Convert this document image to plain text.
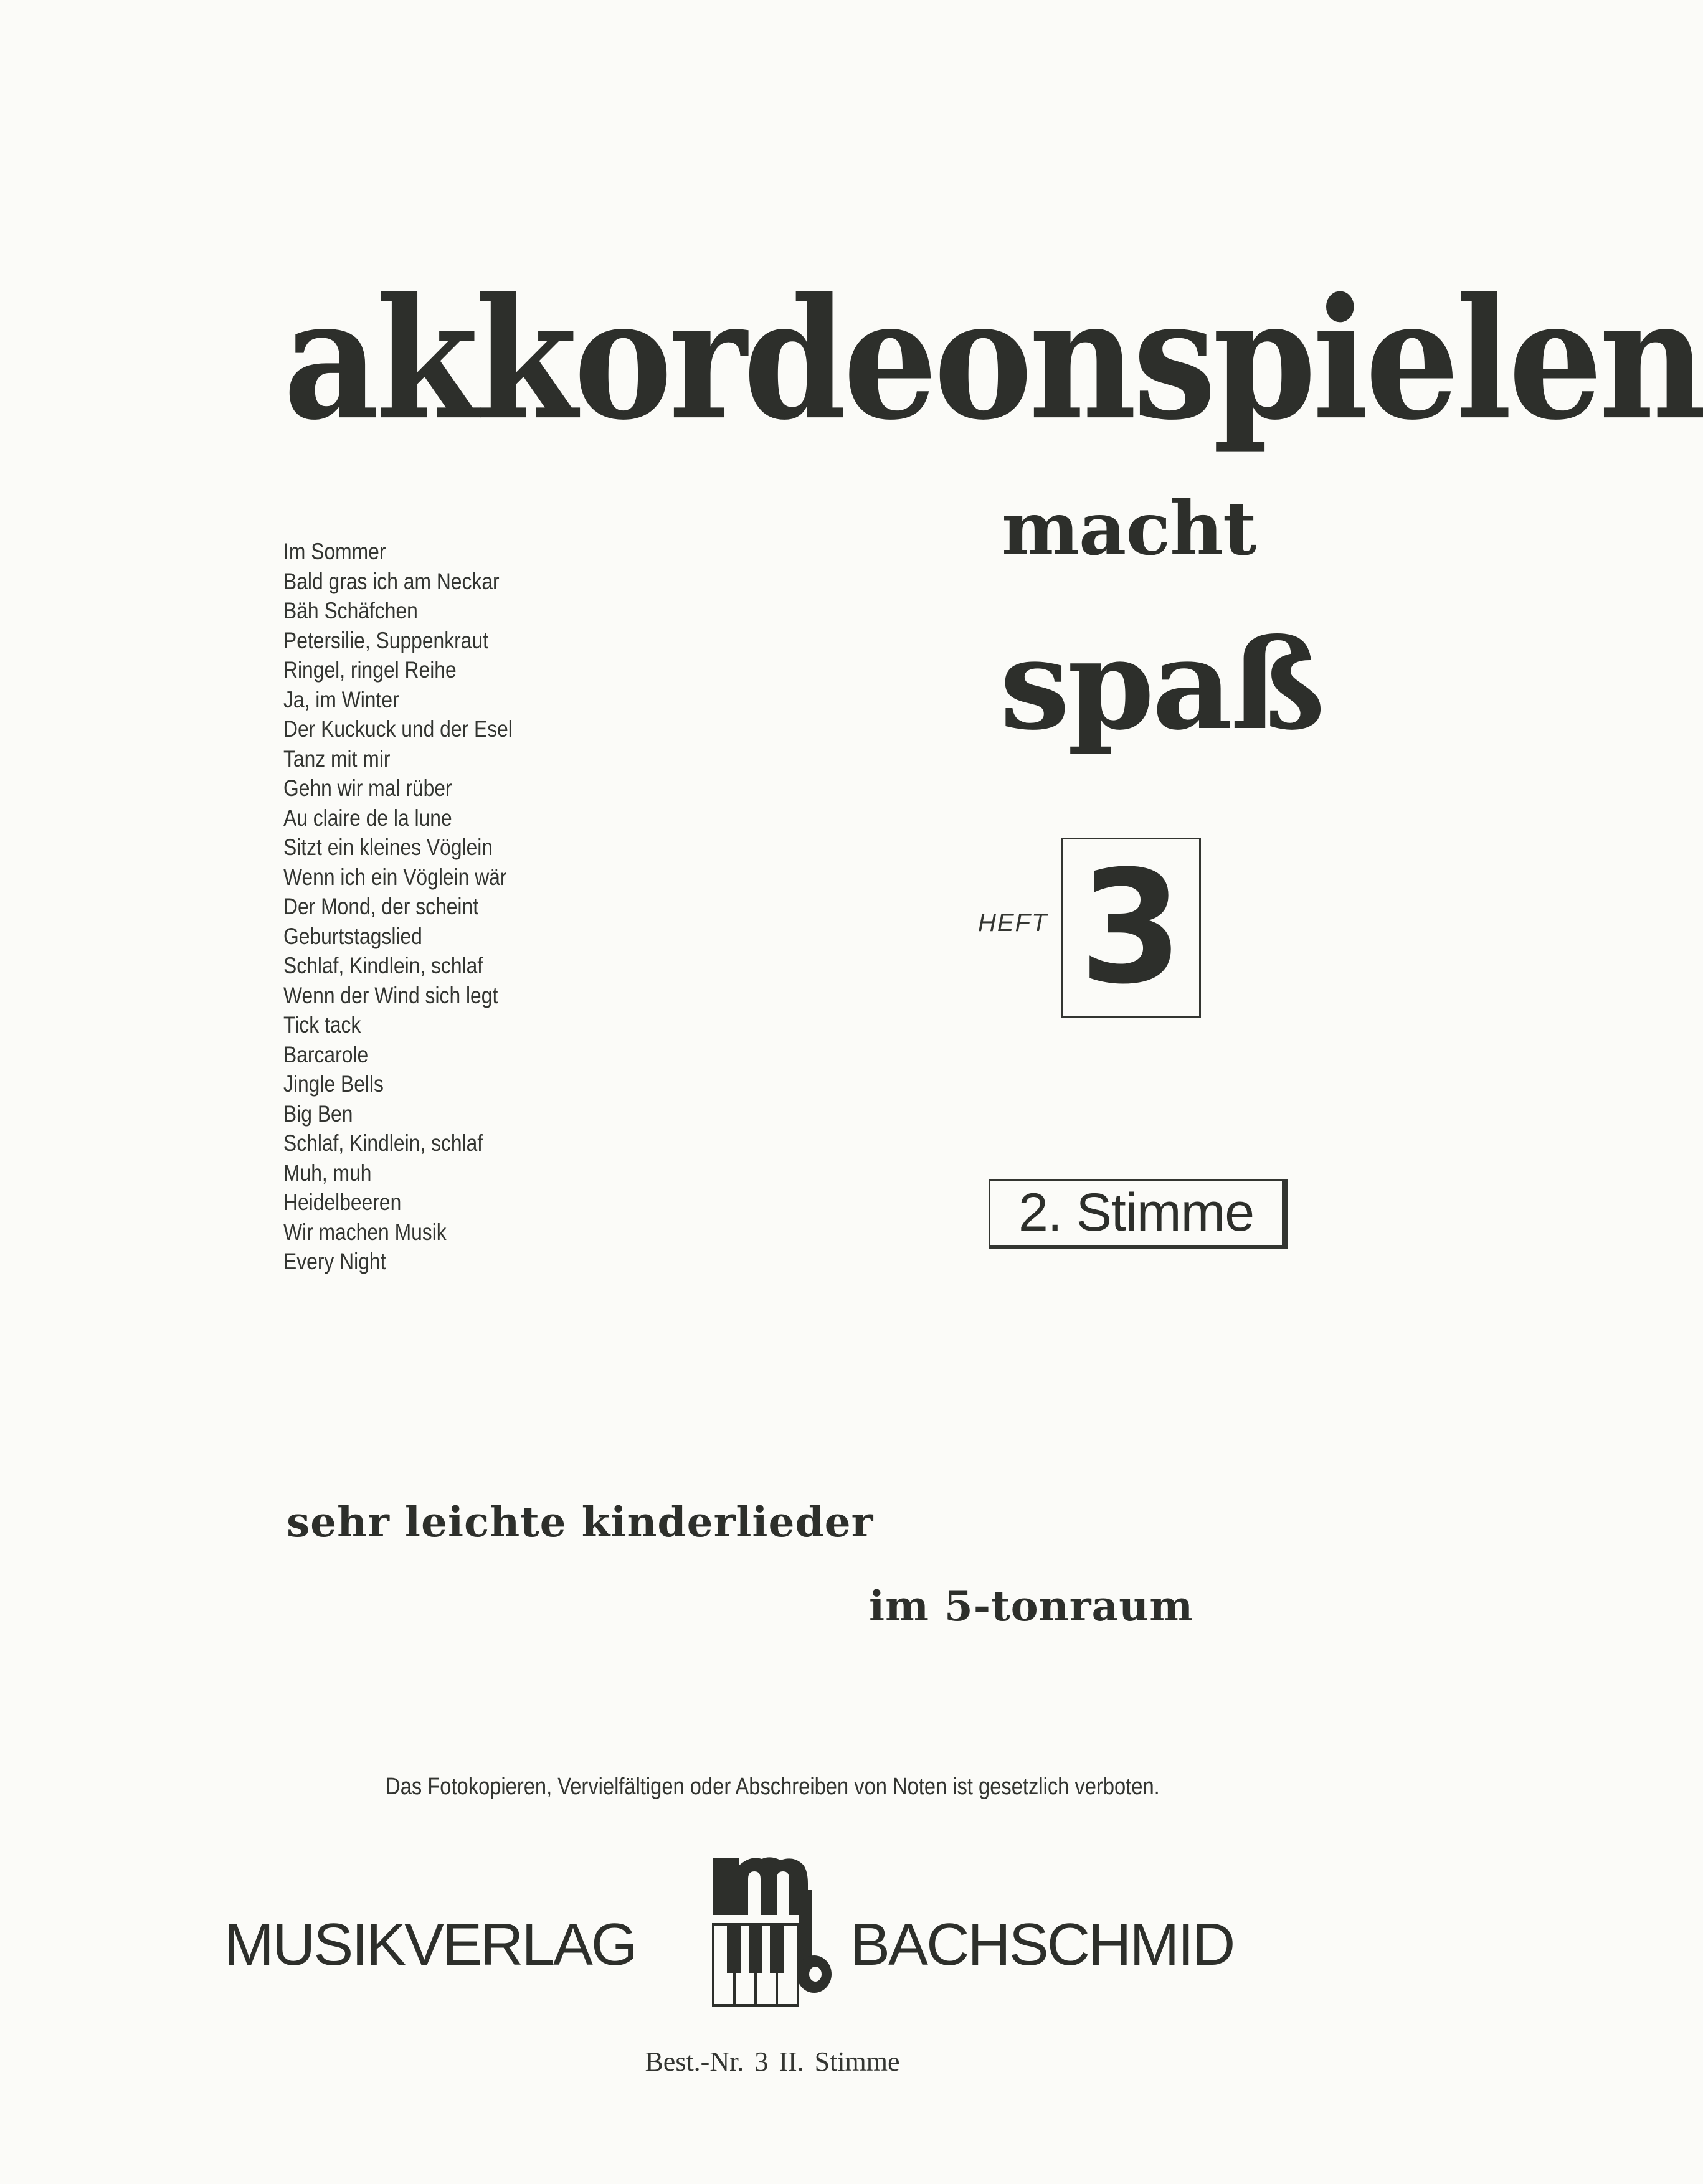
akkordeonspielen
macht
spaß
Im Sommer
Bald gras ich am Neckar
Bäh Schäfchen
Petersilie, Suppenkraut
Ringel, ringel Reihe
Ja, im Winter
Der Kuckuck und der Esel
Tanz mit mir
Gehn wir mal rüber
Au claire de la lune
Sitzt ein kleines Vöglein
Wenn ich ein Vöglein wär
Der Mond, der scheint
Geburtstagslied
Schlaf, Kindlein, schlaf
Wenn der Wind sich legt
Tick tack
Barcarole
Jingle Bells
Big Ben
Schlaf, Kindlein, schlaf
Muh, muh
Heidelbeeren
Wir machen Musik
Every Night
HEFT 3
2. Stimme
sehr leichte kinderlieder
im 5-tonraum
Das Fotokopieren, Vervielfältigen oder Abschreiben von Noten ist gesetzlich verboten.
MUSIKVERLAG	BACHSCHMID
Best.-Nr. 3 II. Stimme
